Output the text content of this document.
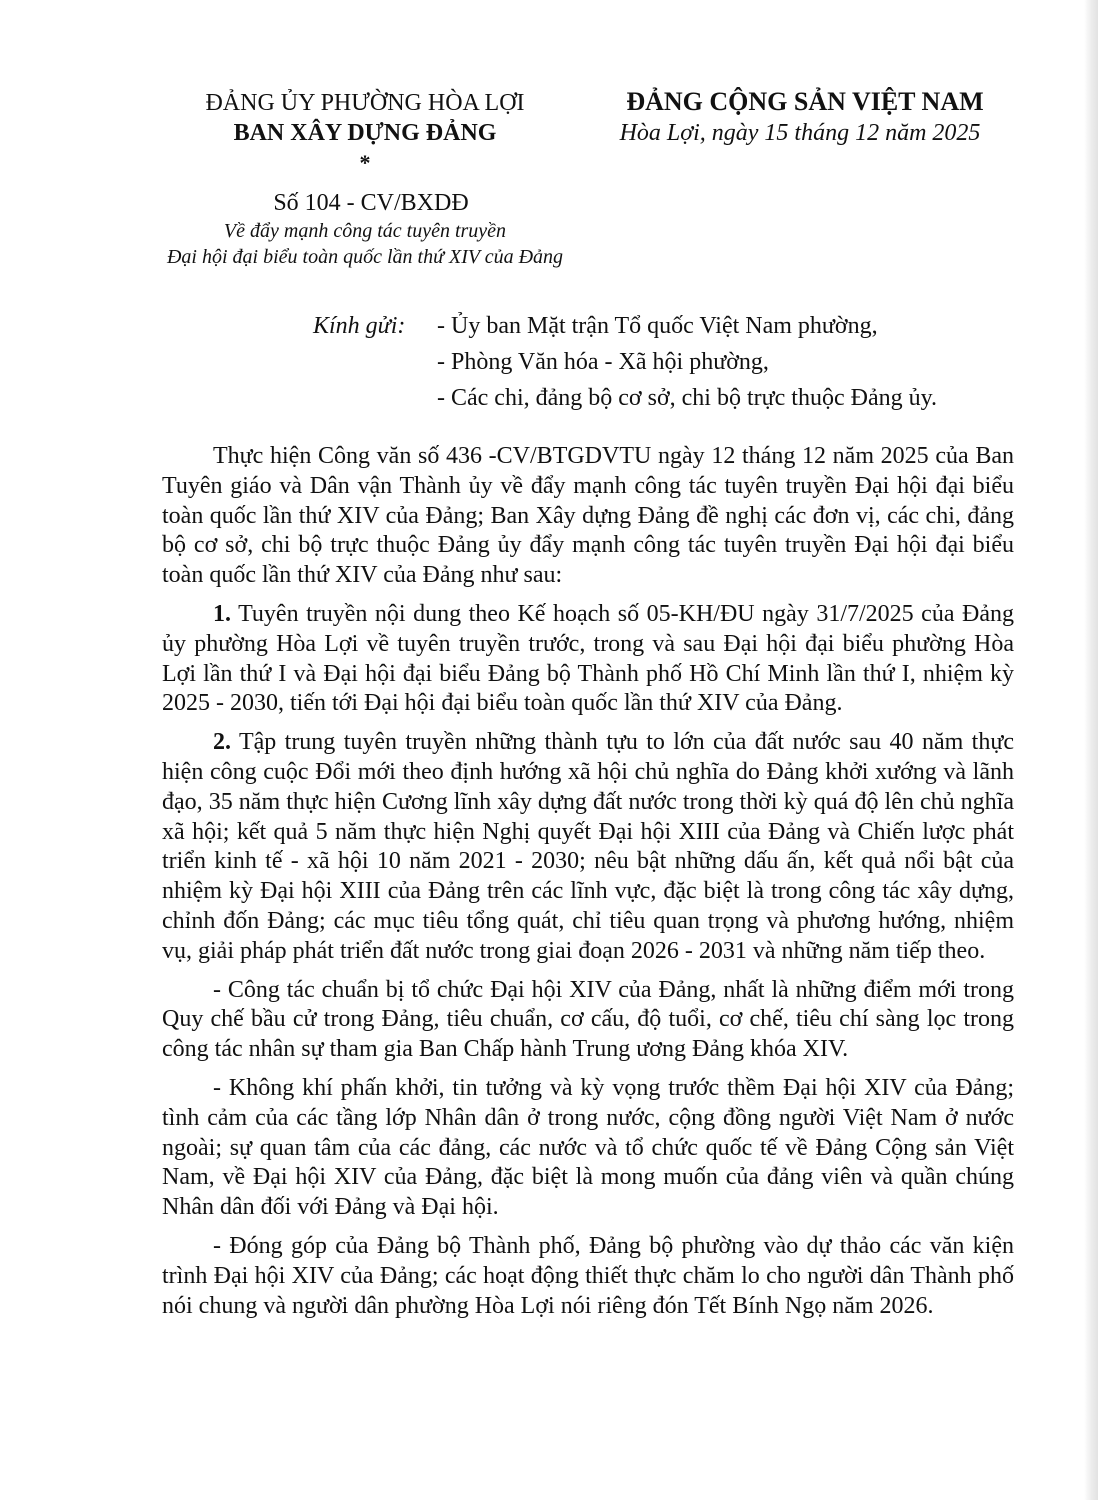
ĐẢNG ỦY PHƯỜNG HÒA LỢI
BAN XÂY DỰNG ĐẢNG
*
Số 104 - CV/BXDĐ
Về đẩy mạnh công tác tuyên truyền
Đại hội đại biểu toàn quốc lần thứ XIV của Đảng
ĐẢNG CỘNG SẢN VIỆT NAM
Hòa Lợi, ngày 15 tháng 12 năm 2025
Kính gửi: - Ủy ban Mặt trận Tổ quốc Việt Nam phường,
- Phòng Văn hóa - Xã hội phường,
- Các chi, đảng bộ cơ sở, chi bộ trực thuộc Đảng ủy.

Thực hiện Công văn số 436 -CV/BTGDVTU ngày 12 tháng 12 năm 2025 của Ban Tuyên giáo và Dân vận Thành ủy về đẩy mạnh công tác tuyên truyền Đại hội đại biểu toàn quốc lần thứ XIV của Đảng; Ban Xây dựng Đảng đề nghị các đơn vị, các chi, đảng bộ cơ sở, chi bộ trực thuộc Đảng ủy đẩy mạnh công tác tuyên truyền Đại hội đại biểu toàn quốc lần thứ XIV của Đảng như sau:

1. Tuyên truyền nội dung theo Kế hoạch số 05-KH/ĐU ngày 31/7/2025 của Đảng ủy phường Hòa Lợi về tuyên truyền trước, trong và sau Đại hội đại biểu phường Hòa Lợi lần thứ I và Đại hội đại biểu Đảng bộ Thành phố Hồ Chí Minh lần thứ I, nhiệm kỳ 2025 - 2030, tiến tới Đại hội đại biểu toàn quốc lần thứ XIV của Đảng.

2. Tập trung tuyên truyền những thành tựu to lớn của đất nước sau 40 năm thực hiện công cuộc Đổi mới theo định hướng xã hội chủ nghĩa do Đảng khởi xướng và lãnh đạo, 35 năm thực hiện Cương lĩnh xây dựng đất nước trong thời kỳ quá độ lên chủ nghĩa xã hội; kết quả 5 năm thực hiện Nghị quyết Đại hội XIII của Đảng và Chiến lược phát triển kinh tế - xã hội 10 năm 2021 - 2030; nêu bật những dấu ấn, kết quả nổi bật của nhiệm kỳ Đại hội XIII của Đảng trên các lĩnh vực, đặc biệt là trong công tác xây dựng, chỉnh đốn Đảng; các mục tiêu tổng quát, chỉ tiêu quan trọng và phương hướng, nhiệm vụ, giải pháp phát triển đất nước trong giai đoạn 2026 - 2031 và những năm tiếp theo.

- Công tác chuẩn bị tổ chức Đại hội XIV của Đảng, nhất là những điểm mới trong Quy chế bầu cử trong Đảng, tiêu chuẩn, cơ cấu, độ tuổi, cơ chế, tiêu chí sàng lọc trong công tác nhân sự tham gia Ban Chấp hành Trung ương Đảng khóa XIV.

- Không khí phấn khởi, tin tưởng và kỳ vọng trước thềm Đại hội XIV của Đảng; tình cảm của các tầng lớp Nhân dân ở trong nước, cộng đồng người Việt Nam ở nước ngoài; sự quan tâm của các đảng, các nước và tổ chức quốc tế về Đảng Cộng sản Việt Nam, về Đại hội XIV của Đảng, đặc biệt là mong muốn của đảng viên và quần chúng Nhân dân đối với Đảng và Đại hội.

- Đóng góp của Đảng bộ Thành phố, Đảng bộ phường vào dự thảo các văn kiện trình Đại hội XIV của Đảng; các hoạt động thiết thực chăm lo cho người dân Thành phố nói chung và người dân phường Hòa Lợi nói riêng đón Tết Bính Ngọ năm 2026.
